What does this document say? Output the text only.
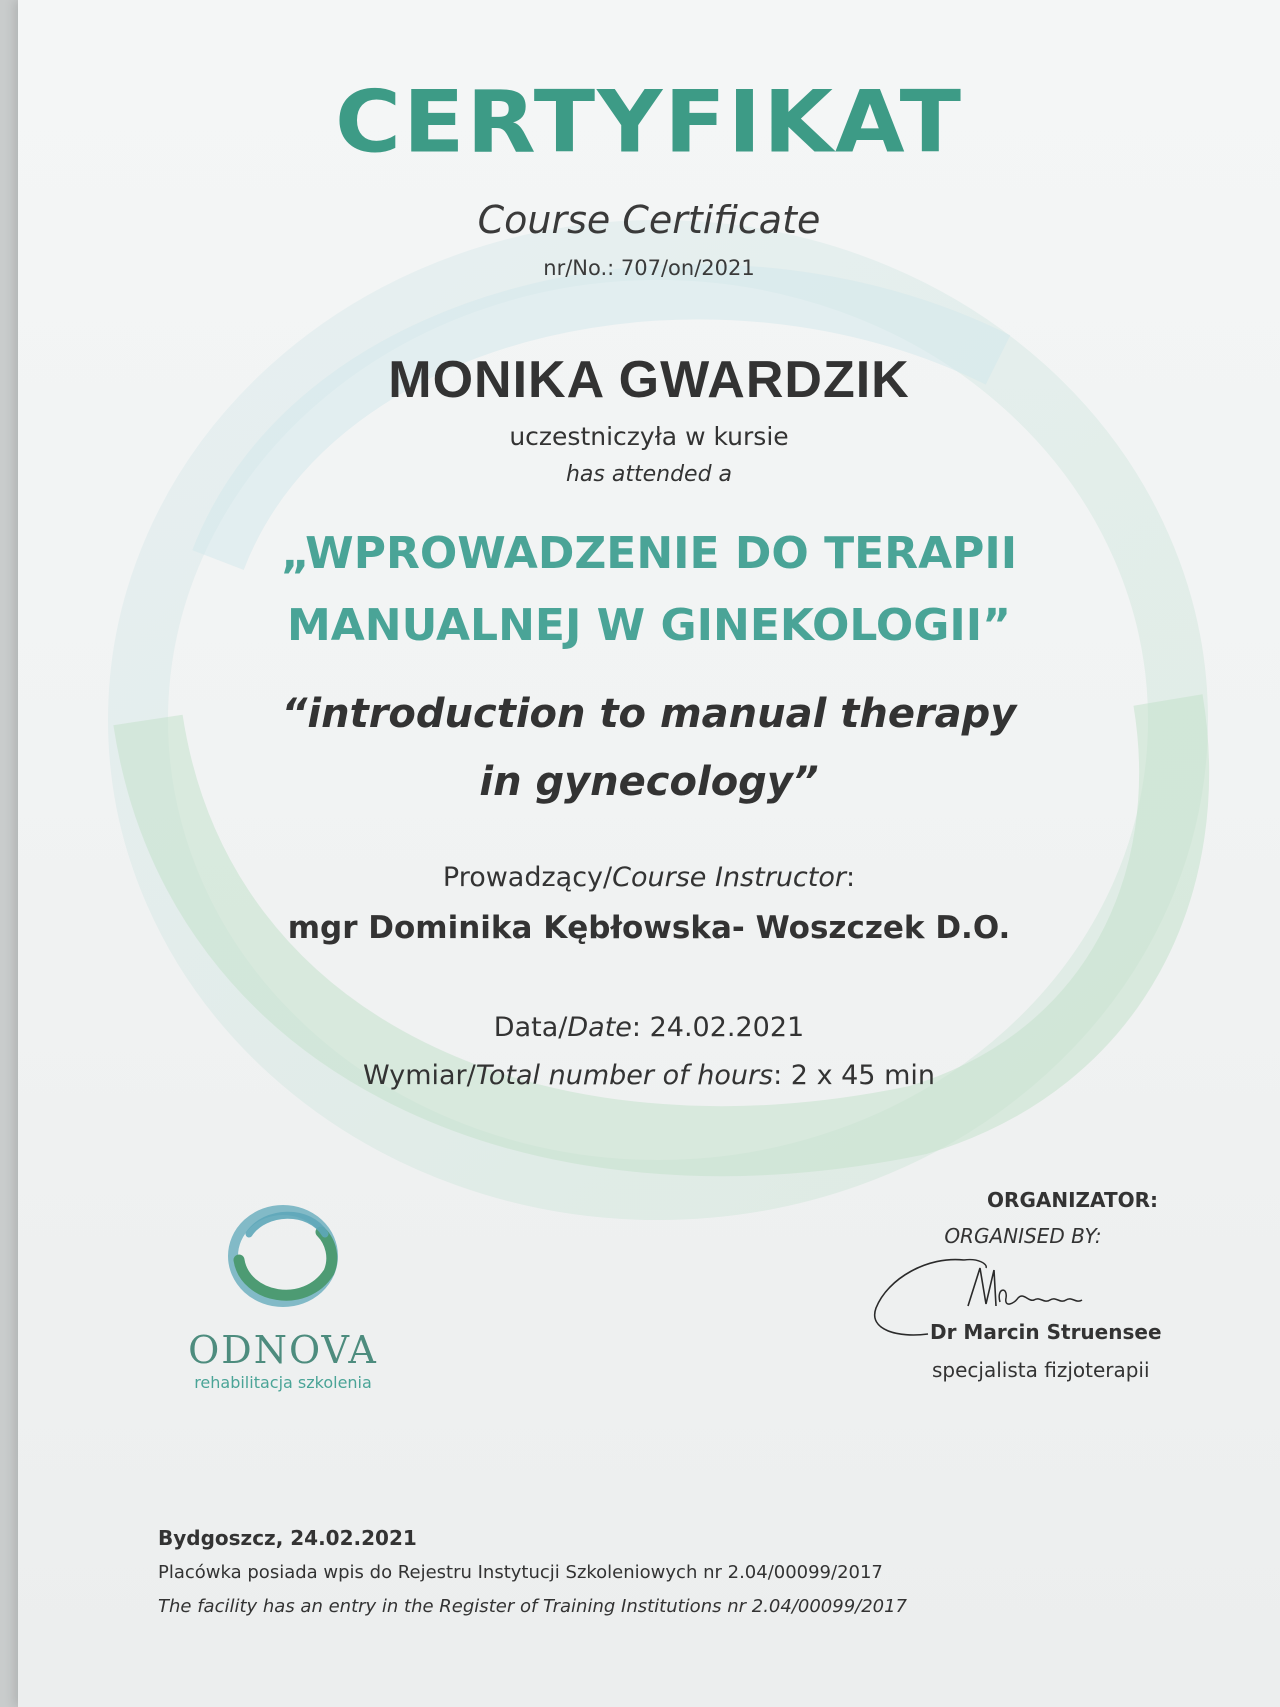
CERTYFIKAT
Course Certificate
nr/No.: 707/on/2021
MONIKA GWARDZIK
uczestniczyła w kursie
has attended a
„WPROWADZENIE DO TERAPII
MANUALNEJ W GINEKOLOGII”
“introduction to manual therapy
in gynecology”
Prowadzący/Course Instructor:
mgr Dominika Kębłowska- Woszczek D.O.
Data/Date: 24.02.2021
Wymiar/Total number of hours: 2 x 45 min
ODNOVA
rehabilitacja szkolenia
ORGANIZATOR:
ORGANISED BY:
Dr Marcin Struensee
specjalista fizjoterapii
Bydgoszcz, 24.02.2021
Placówka posiada wpis do Rejestru Instytucji Szkoleniowych nr 2.04/00099/2017
The facility has an entry in the Register of Training Institutions nr 2.04/00099/2017
